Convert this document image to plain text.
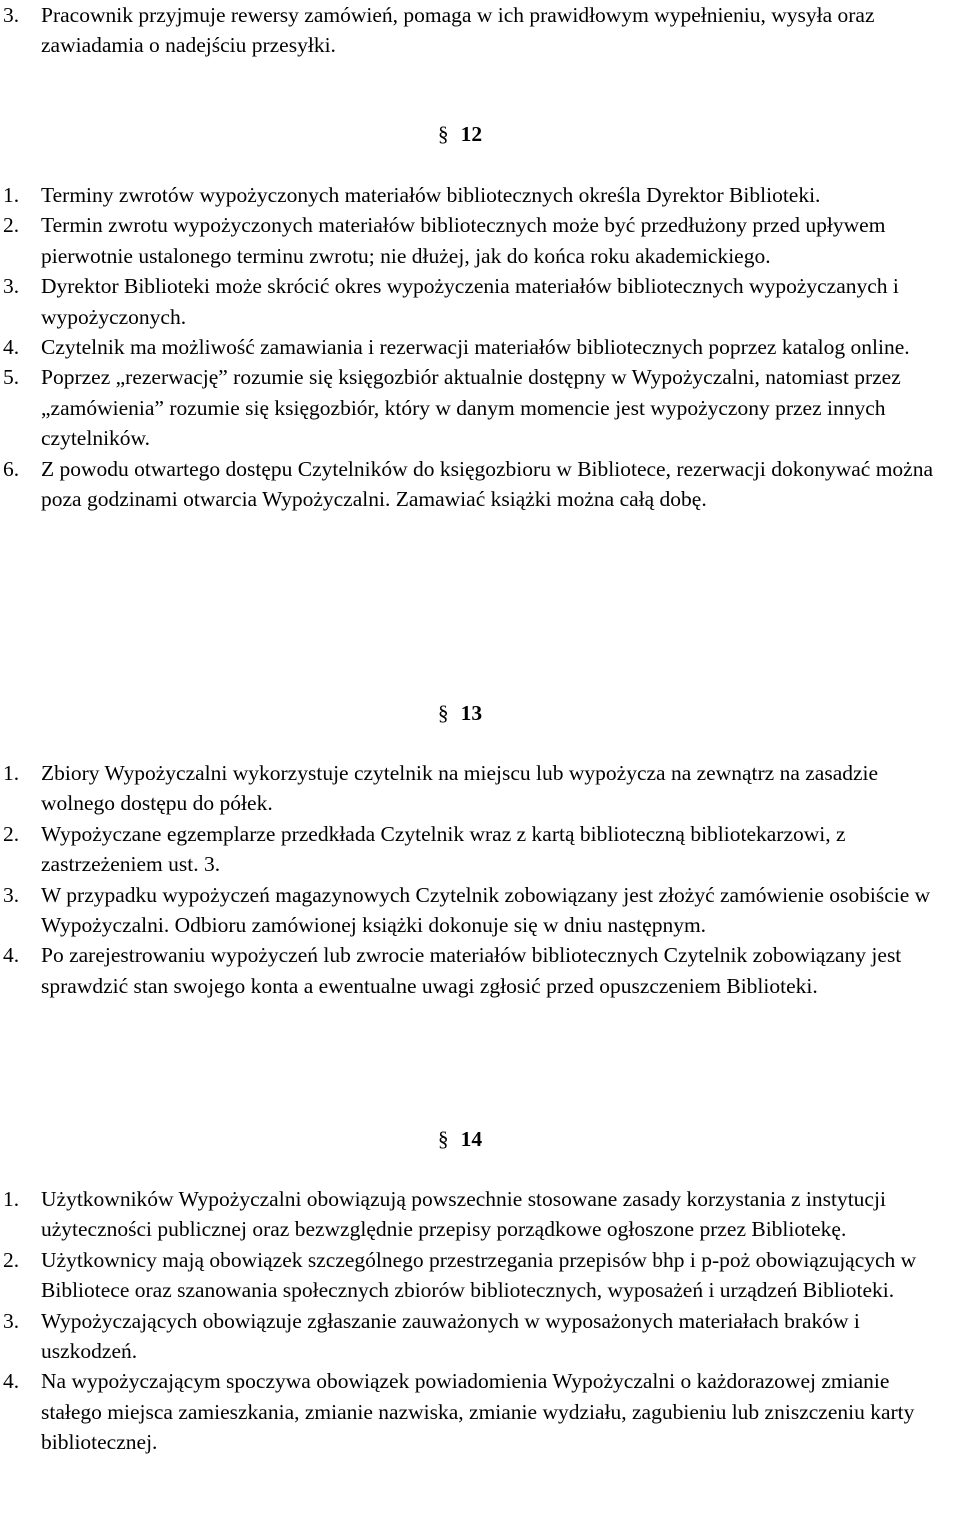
3. Pracownik przyjmuje rewersy zamówień, pomaga w ich prawidłowym wypełnieniu, wysyła oraz zawiadamia o nadejściu przesyłki.

§ 12

1. Terminy zwrotów wypożyczonych materiałów bibliotecznych określa Dyrektor Biblioteki.

2. Termin zwrotu wypożyczonych materiałów bibliotecznych może być przedłużony przed upływem pierwotnie ustalonego terminu zwrotu; nie dłużej, jak do końca roku akademickiego.

3. Dyrektor Biblioteki może skrócić okres wypożyczenia materiałów bibliotecznych wypożyczanych i wypożyczonych.

4. Czytelnik ma możliwość zamawiania i rezerwacji materiałów bibliotecznych poprzez katalog online.

5. Poprzez „rezerwację” rozumie się księgozbiór aktualnie dostępny w Wypożyczalni, natomiast przez „zamówienia” rozumie się księgozbiór, który w danym momencie jest wypożyczony przez innych czytelników.

6. Z powodu otwartego dostępu Czytelników do księgozbioru w Bibliotece, rezerwacji dokonywać można poza godzinami otwarcia Wypożyczalni. Zamawiać książki można całą dobę.

§ 13

1. Zbiory Wypożyczalni wykorzystuje czytelnik na miejscu lub wypożycza na zewnątrz na zasadzie wolnego dostępu do półek.

2. Wypożyczane egzemplarze przedkłada Czytelnik wraz z kartą biblioteczną bibliotekarzowi, z zastrzeżeniem ust. 3.

3. W przypadku wypożyczeń magazynowych Czytelnik zobowiązany jest złożyć zamówienie osobiście w Wypożyczalni. Odbioru zamówionej książki dokonuje się w dniu następnym.

4. Po zarejestrowaniu wypożyczeń lub zwrocie materiałów bibliotecznych Czytelnik zobowiązany jest sprawdzić stan swojego konta a ewentualne uwagi zgłosić przed opuszczeniem Biblioteki.

§ 14

1. Użytkowników Wypożyczalni obowiązują powszechnie stosowane zasady korzystania z instytucji użyteczności publicznej oraz bezwzględnie przepisy porządkowe ogłoszone przez Bibliotekę.

2. Użytkownicy mają obowiązek szczególnego przestrzegania przepisów bhp i p-poż obowiązujących w Bibliotece oraz szanowania społecznych zbiorów bibliotecznych, wyposażeń i urządzeń Biblioteki.

3. Wypożyczających obowiązuje zgłaszanie zauważonych w wyposażonych materiałach braków i uszkodzeń.

4. Na wypożyczającym spoczywa obowiązek powiadomienia Wypożyczalni o każdorazowej zmianie stałego miejsca zamieszkania, zmianie nazwiska, zmianie wydziału, zagubieniu lub zniszczeniu karty bibliotecznej.
